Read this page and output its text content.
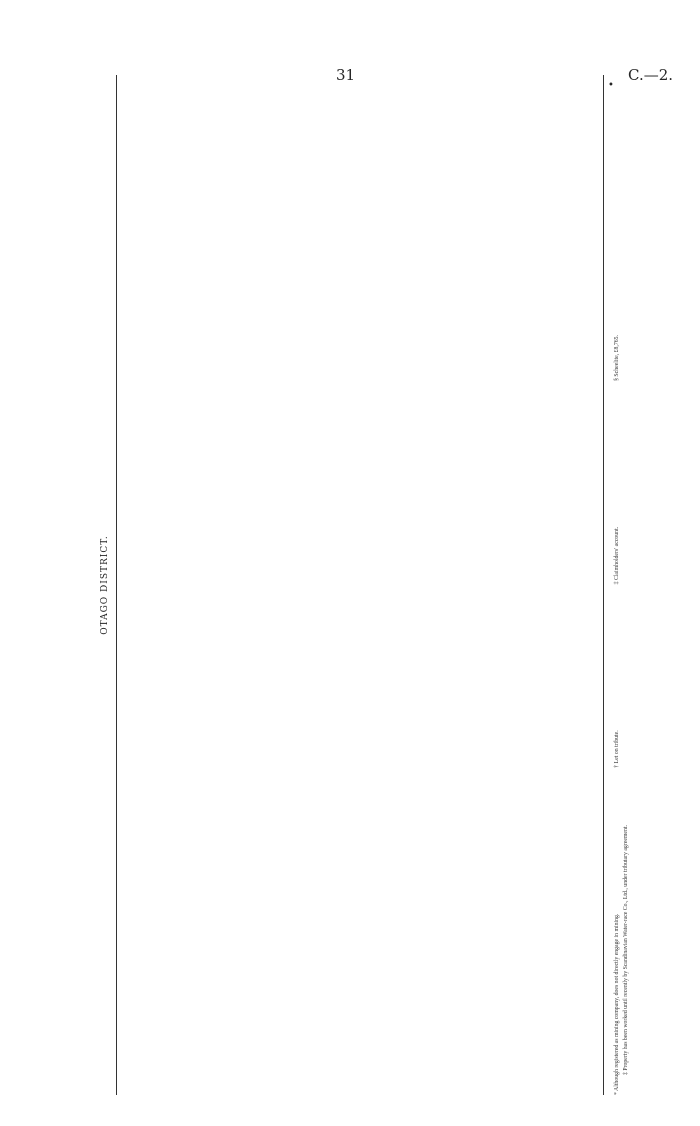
31
•
C.—2.
OTAGO DISTRICT.
* Although registered as mining company, does not directly engage in mining.
† Let on tribute.
‡ Claimholders' account.
§ Scheelite, £8,765.
‡ Property has been worked until recently by Scandinavian Water-race Co., Ltd., under tributary agreement.
